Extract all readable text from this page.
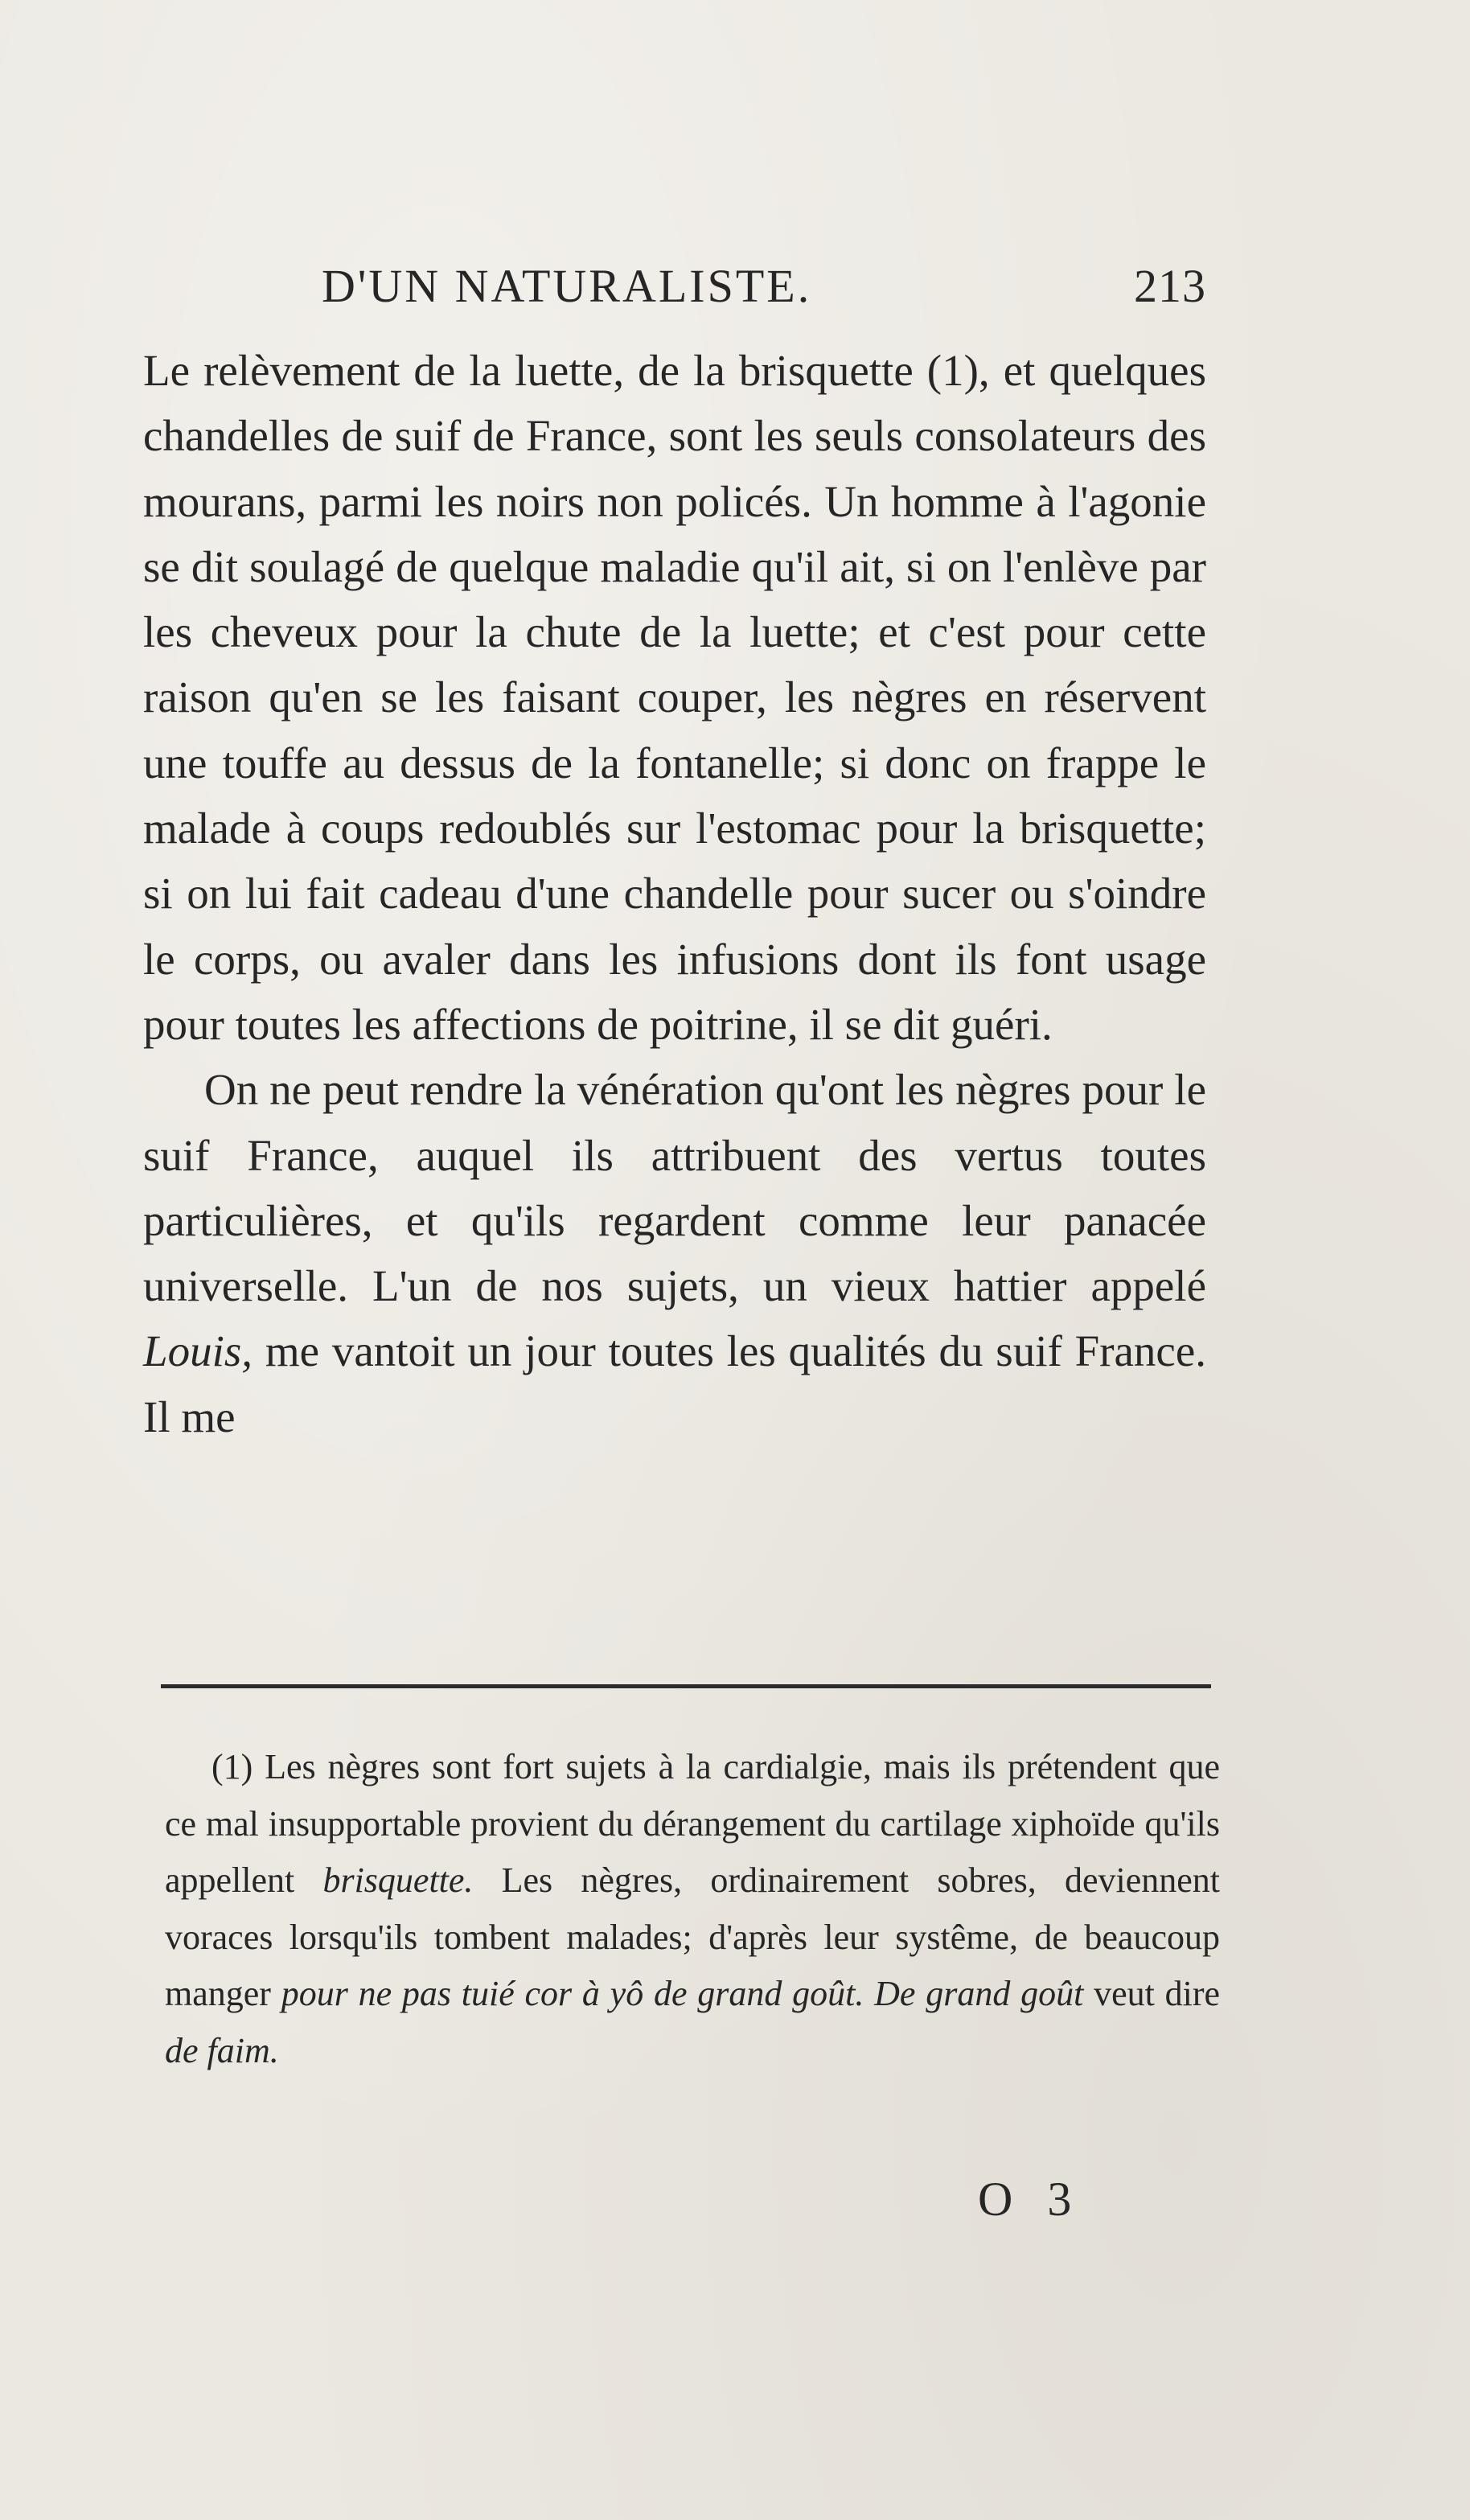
D'UN NATURALISTE.	213

Le relèvement de la luette, de la brisquette (1), et quelques chandelles de suif de France, sont les seuls consolateurs des mourans, parmi les noirs non policés. Un homme à l'agonie se dit soulagé de quelque maladie qu'il ait, si on l'enlève par les cheveux pour la chute de la luette; et c'est pour cette raison qu'en se les faisant couper, les nègres en réservent une touffe au dessus de la fontanelle; si donc on frappe le malade à coups redoublés sur l'estomac pour la brisquette; si on lui fait cadeau d'une chandelle pour sucer ou s'oindre le corps, ou avaler dans les infusions dont ils font usage pour toutes les affections de poitrine, il se dit guéri.

On ne peut rendre la vénération qu'ont les nègres pour le suif France, auquel ils attribuent des vertus toutes particulières, et qu'ils regardent comme leur panacée universelle. L'un de nos sujets, un vieux hattier appelé Louis, me vantoit un jour toutes les qualités du suif France. Il me

(1) Les nègres sont fort sujets à la cardialgie, mais ils prétendent que ce mal insupportable provient du dérangement du cartilage xiphoïde qu'ils appellent brisquette. Les nègres, ordinairement sobres, deviennent voraces lorsqu'ils tombent malades; d'après leur systême, de beaucoup manger pour ne pas tuié cor à yô de grand goût. De grand goût veut dire de faim.

O 3
